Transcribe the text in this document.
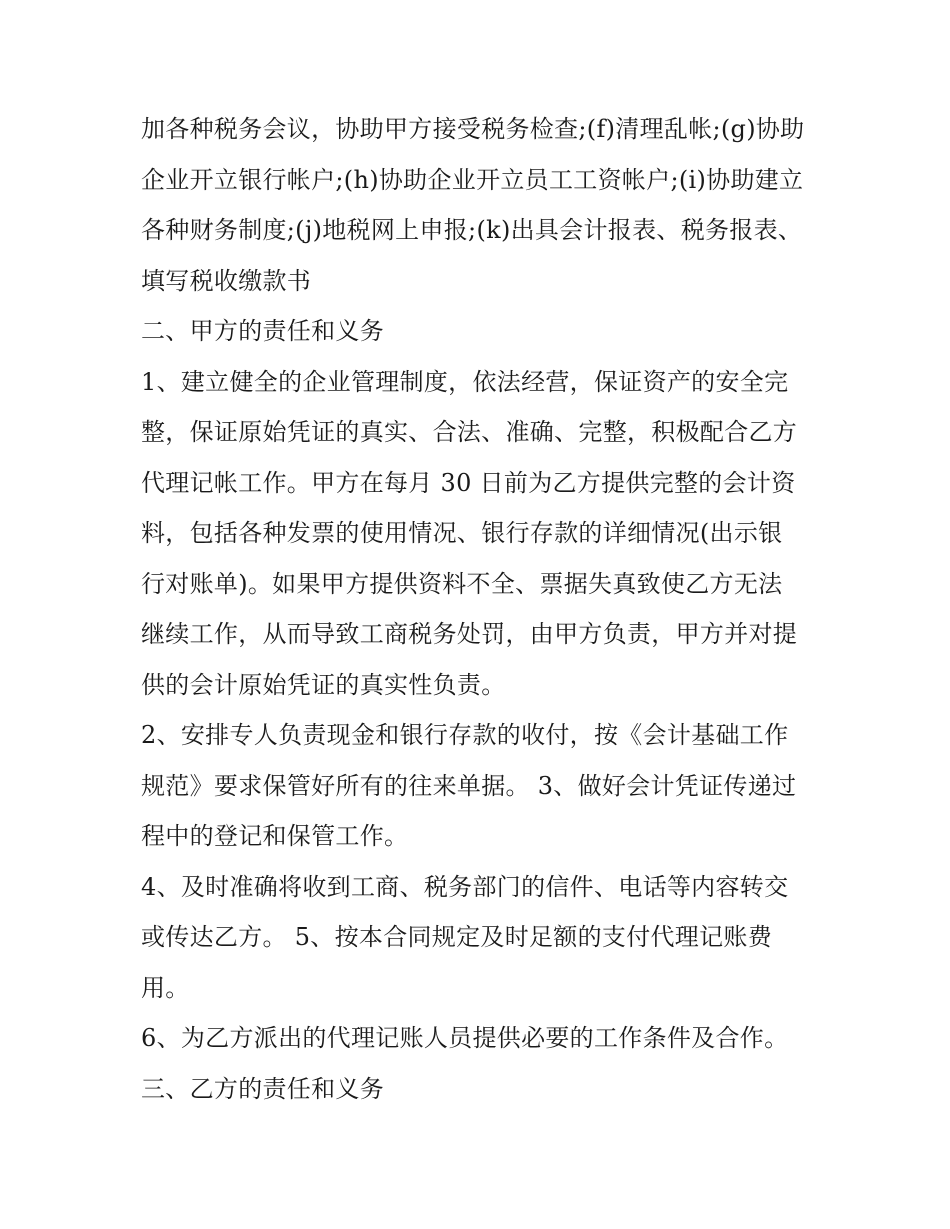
加各种税务会议，协助甲方接受税务检查;(f)清理乱帐;(g)协助
企业开立银行帐户;(h)协助企业开立员工工资帐户;(i)协助建立
各种财务制度;(j)地税网上申报;(k)出具会计报表、税务报表、
填写税收缴款书
二、甲方的责任和义务
1、建立健全的企业管理制度，依法经营，保证资产的安全完
整，保证原始凭证的真实、合法、准确、完整，积极配合乙方
代理记帐工作。甲方在每月 30 日前为乙方提供完整的会计资
料，包括各种发票的使用情况、银行存款的详细情况(出示银
行对账单)。如果甲方提供资料不全、票据失真致使乙方无法
继续工作，从而导致工商税务处罚，由甲方负责，甲方并对提
供的会计原始凭证的真实性负责。
2、安排专人负责现金和银行存款的收付，按《会计基础工作
规范》要求保管好所有的往来单据。 3、做好会计凭证传递过
程中的登记和保管工作。
4、及时准确将收到工商、税务部门的信件、电话等内容转交
或传达乙方。 5、按本合同规定及时足额的支付代理记账费
用。
6、为乙方派出的代理记账人员提供必要的工作条件及合作。
三、乙方的责任和义务
